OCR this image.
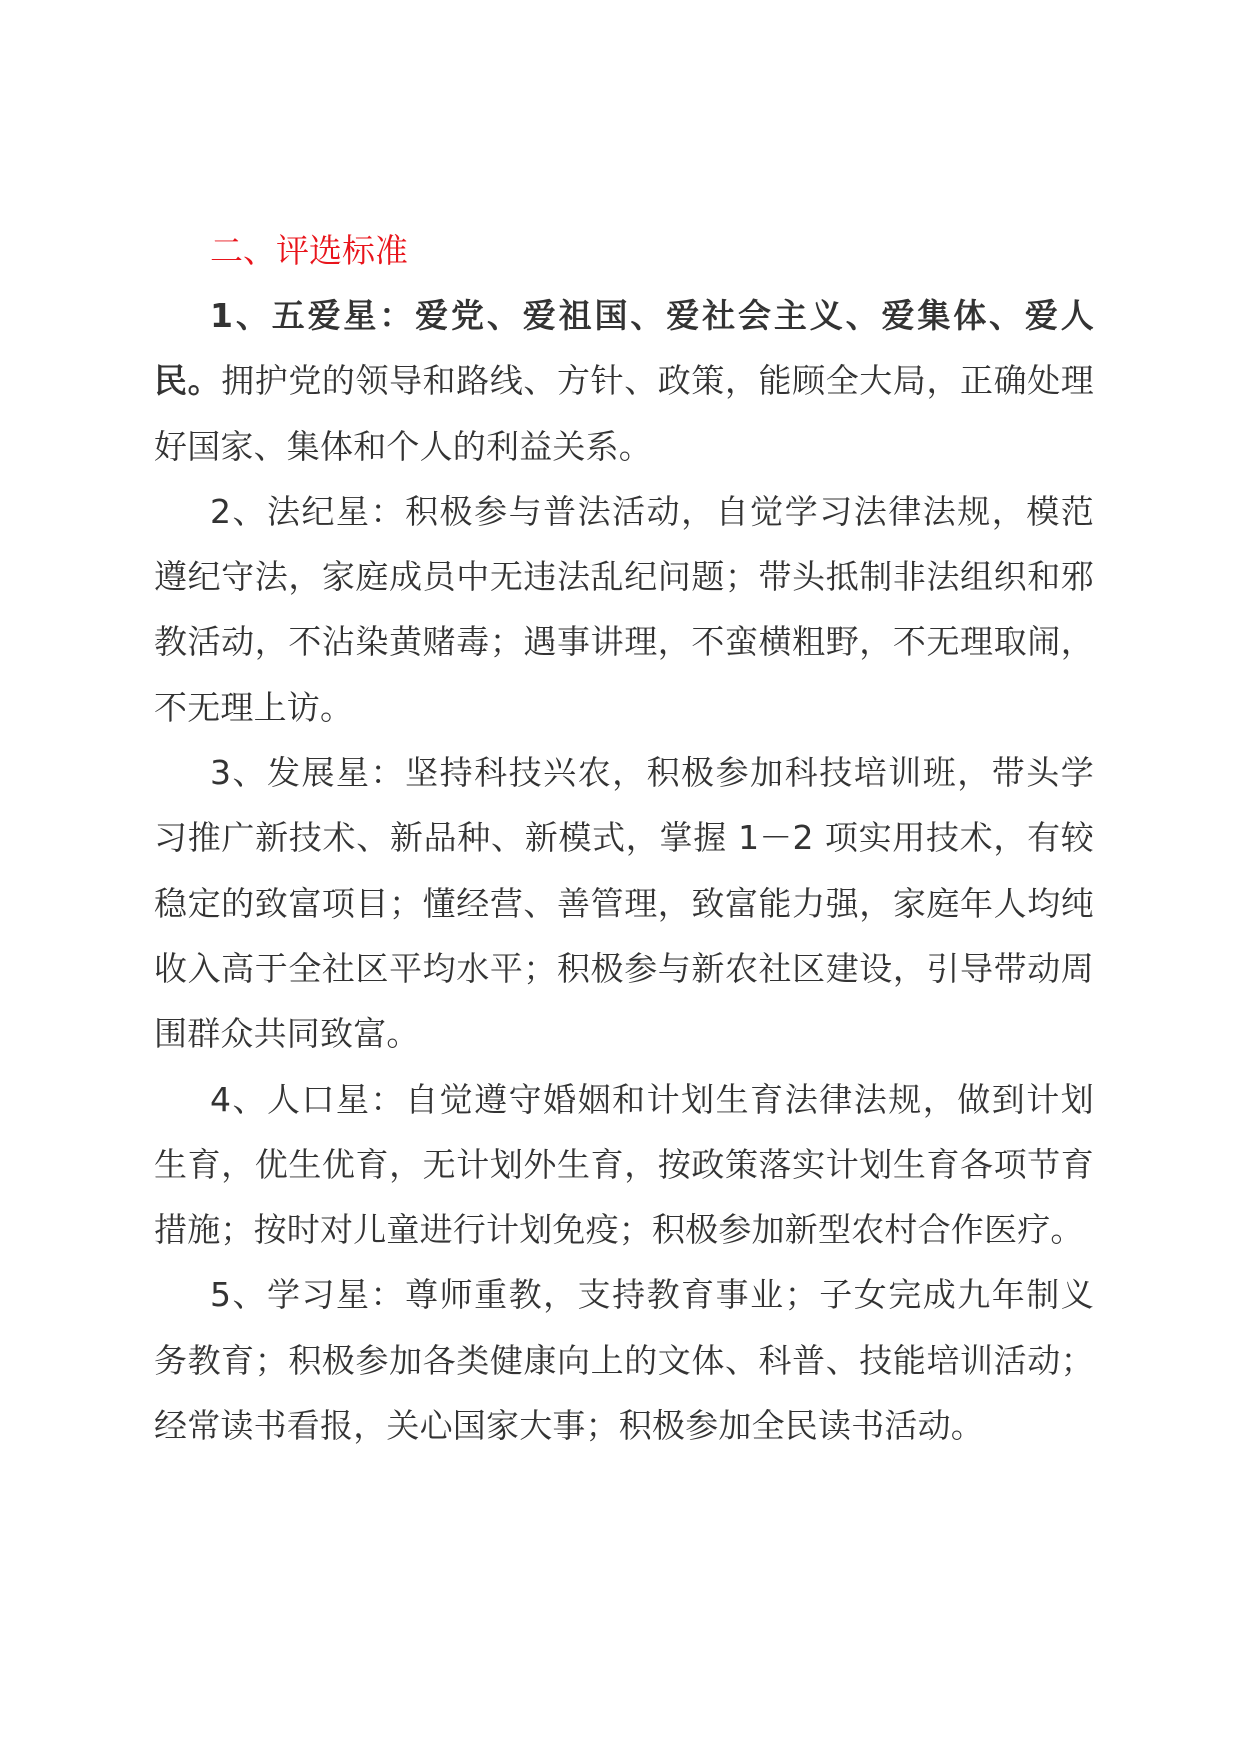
二、评选标准

1、五爱星：爱党、爱祖国、爱社会主义、爱集体、爱人民。拥护党的领导和路线、方针、政策，能顾全大局，正确处理好国家、集体和个人的利益关系。

2、法纪星：积极参与普法活动，自觉学习法律法规，模范遵纪守法，家庭成员中无违法乱纪问题；带头抵制非法组织和邪教活动，不沾染黄赌毒；遇事讲理，不蛮横粗野，不无理取闹，不无理上访。

3、发展星：坚持科技兴农，积极参加科技培训班，带头学习推广新技术、新品种、新模式，掌握 1－2 项实用技术，有较稳定的致富项目；懂经营、善管理，致富能力强，家庭年人均纯收入高于全社区平均水平；积极参与新农社区建设，引导带动周围群众共同致富。

4、人口星：自觉遵守婚姻和计划生育法律法规，做到计划生育，优生优育，无计划外生育，按政策落实计划生育各项节育措施；按时对儿童进行计划免疫；积极参加新型农村合作医疗。

5、学习星：尊师重教，支持教育事业；子女完成九年制义务教育；积极参加各类健康向上的文体、科普、技能培训活动；经常读书看报，关心国家大事；积极参加全民读书活动。
